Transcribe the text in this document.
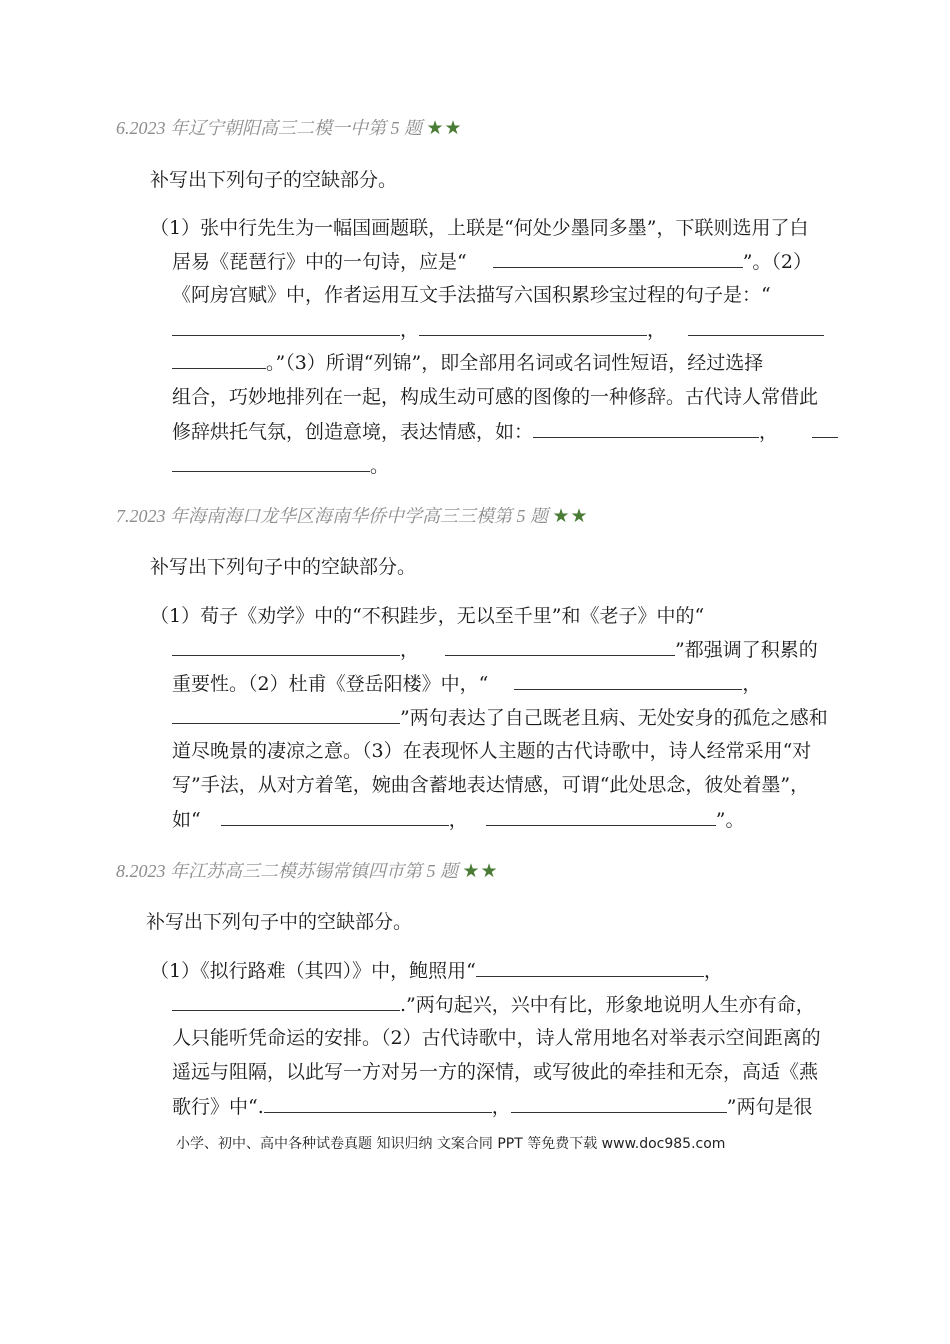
6.2023 年辽宁朝阳高三二模一中第 5 题 ★★
补写出下列句子的空缺部分。
（1）张中行先生为一幅国画题联，上联是“何处少墨同多墨”，下联则选用了白
居易《琵琶行》中的一句诗，应是“	”。（2）
《阿房宫赋》中，作者运用互文手法描写六国积累珍宝过程的句子是：“
，	，
。”（3）所谓“列锦”，即全部用名词或名词性短语，经过选择
组合，巧妙地排列在一起，构成生动可感的图像的一种修辞。古代诗人常借此
修辞烘托气氛，创造意境，表达情感，如：	，
。
7.2023 年海南海口龙华区海南华侨中学高三三模第 5 题 ★★
补写出下列句子中的空缺部分。
（1）荀子《劝学》中的“不积跬步，无以至千里”和《老子》中的“
，	”都强调了积累的
重要性。（2）杜甫《登岳阳楼》中，“	，
”两句表达了自己既老且病、无处安身的孤危之感和
道尽晚景的凄凉之意。（3）在表现怀人主题的古代诗歌中，诗人经常采用“对
写”手法，从对方着笔，婉曲含蓄地表达情感，可谓“此处思念，彼处着墨”，
如“	，	”。
8.2023 年江苏高三二模苏锡常镇四市第 5 题 ★★
补写出下列句子中的空缺部分。
（1）《拟行路难（其四）》中，鲍照用“	，
.”两句起兴，兴中有比，形象地说明人生亦有命，
人只能听凭命运的安排。（2）古代诗歌中，诗人常用地名对举表示空间距离的
遥远与阻隔，以此写一方对另一方的深情，或写彼此的牵挂和无奈，高适《燕
歌行》中“.	，	”两句是很
小学、初中、高中各种试卷真题 知识归纳 文案合同 PPT 等免费下载 www.doc985.com
